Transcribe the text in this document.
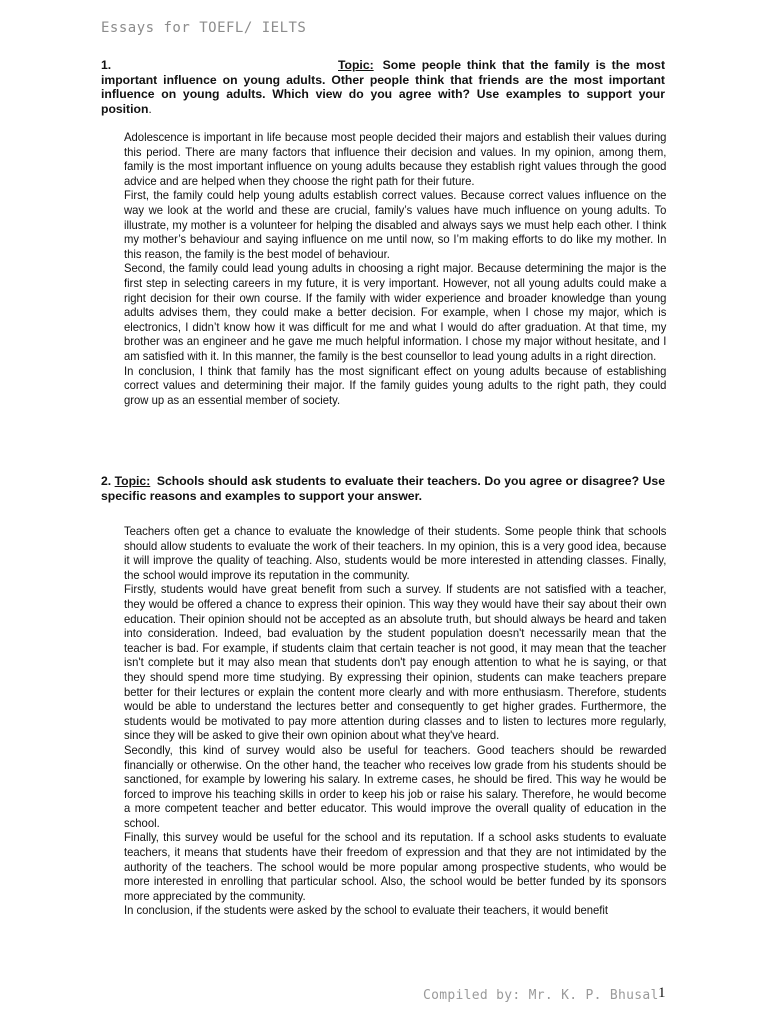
Essays for TOEFL/ IELTS

1.	Topic: Some people think that the family is the most important influence on young adults. Other people think that friends are the most important influence on young adults. Which view do you agree with? Use examples to support your position.

Adolescence is important in life because most people decided their majors and establish their values during this period. There are many factors that influence their decision and values. In my opinion, among them, family is the most important influence on young adults because they establish right values through the good advice and are helped when they choose the right path for their future.

First, the family could help young adults establish correct values. Because correct values influence on the way we look at the world and these are crucial, family’s values have much influence on young adults. To illustrate, my mother is a volunteer for helping the disabled and always says we must help each other. I think my mother’s behaviour and saying influence on me until now, so I’m making efforts to do like my mother. In this reason, the family is the best model of behaviour.

Second, the family could lead young adults in choosing a right major. Because determining the major is the first step in selecting careers in my future, it is very important. However, not all young adults could make a right decision for their own course. If the family with wider experience and broader knowledge than young adults advises them, they could make a better decision. For example, when I chose my major, which is electronics, I didn’t know how it was difficult for me and what I would do after graduation. At that time, my brother was an engineer and he gave me much helpful information. I chose my major without hesitate, and I am satisfied with it. In this manner, the family is the best counsellor to lead young adults in a right direction.

In conclusion, I think that family has the most significant effect on young adults because of establishing correct values and determining their major. If the family guides young adults to the right path, they could grow up as an essential member of society.

2. Topic: Schools should ask students to evaluate their teachers. Do you agree or disagree? Use specific reasons and examples to support your answer.

Teachers often get a chance to evaluate the knowledge of their students. Some people think that schools should allow students to evaluate the work of their teachers. In my opinion, this is a very good idea, because it will improve the quality of teaching. Also, students would be more interested in attending classes. Finally, the school would improve its reputation in the community.

Firstly, students would have great benefit from such a survey. If students are not satisfied with a teacher, they would be offered a chance to express their opinion. This way they would have their say about their own education. Their opinion should not be accepted as an absolute truth, but should always be heard and taken into consideration. Indeed, bad evaluation by the student population doesn't necessarily mean that the teacher is bad. For example, if students claim that certain teacher is not good, it may mean that the teacher isn't complete but it may also mean that students don't pay enough attention to what he is saying, or that they should spend more time studying. By expressing their opinion, students can make teachers prepare better for their lectures or explain the content more clearly and with more enthusiasm. Therefore, students would be able to understand the lectures better and consequently to get higher grades. Furthermore, the students would be motivated to pay more attention during classes and to listen to lectures more regularly, since they will be asked to give their own opinion about what they've heard.

Secondly, this kind of survey would also be useful for teachers. Good teachers should be rewarded financially or otherwise. On the other hand, the teacher who receives low grade from his students should be sanctioned, for example by lowering his salary. In extreme cases, he should be fired. This way he would be forced to improve his teaching skills in order to keep his job or raise his salary. Therefore, he would become a more competent teacher and better educator. This would improve the overall quality of education in the school.

Finally, this survey would be useful for the school and its reputation. If a school asks students to evaluate teachers, it means that students have their freedom of expression and that they are not intimidated by the authority of the teachers. The school would be more popular among prospective students, who would be more interested in enrolling that particular school. Also, the school would be better funded by its sponsors more appreciated by the community.

In conclusion, if the students were asked by the school to evaluate their teachers, it would benefit

Compiled by: Mr. K. P. Bhusal 1
